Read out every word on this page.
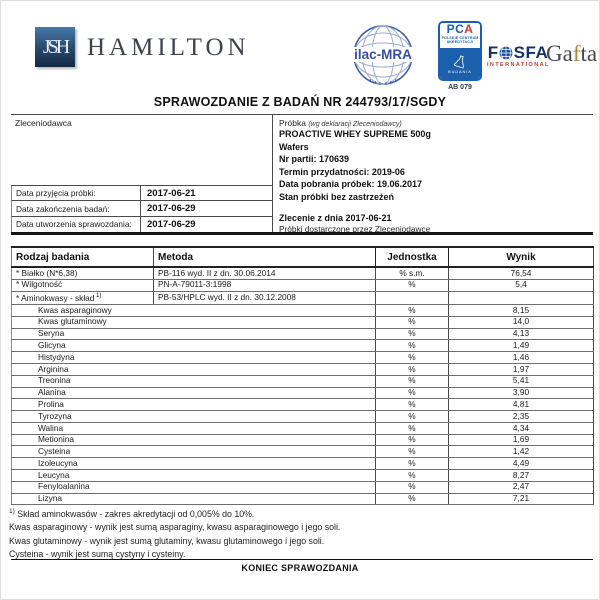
JSH HAMILTON	ilac-MRA
PCA
POLSKIE CENTRUM
AKREDYTACJI
BADANIA
AB 079
F SFA
INTERNATIONAL
Gafta
SPRAWOZDANIE Z BADAŃ NR 244793/17/SGDY
Zleceniodawca
Data przyjęcia próbki:	2017-06-21
Data zakończenia badań:	2017-06-29
Data utworzenia sprawozdania:	2017-06-29
Próbka (wg deklaracji Zleceniodawcy)
PROACTIVE WHEY SUPREME 500g
Wafers
Nr partii: 170639
Termin przydatności: 2019-06
Data pobrania próbek: 19.06.2017
Stan próbki bez zastrzeżeń
Zlecenie z dnia 2017-06-21
Próbki dostarczone przez Zleceniodawcę
Rodzaj badania	Metoda	Jednostka	Wynik
* Białko (N*6,38)	PB-116 wyd. II z dn. 30.06.2014	% s.m.	76,54
* Wilgotność	PN-A-79011-3:1998	%	5,4
* Aminokwasy - skład $^{1)}$	PB-53/HPLC wyd. II z dn. 30.12.2008		
Kwas asparaginowy		%	8,15
Kwas glutaminowy		%	14,0
Seryna		%	4,13
Glicyna		%	1,49
Histydyna		%	1,46
Arginina		%	1,97
Treonina		%	5,41
Alanina		%	3,90
Prolina		%	4,81
Tyrozyna		%	2,35
Walina		%	4,34
Metionina		%	1,69
Cysteina		%	1,42
Izoleucyna		%	4,49
Leucyna		%	8,27
Fenyloalanina		%	2,47
Lizyna		%	7,21
$^{1)}$ Skład aminokwasów - zakres akredytacji od 0,005% do 10%.
Kwas asparaginowy - wynik jest sumą asparaginy, kwasu asparaginowego i jego soli.
Kwas glutaminowy - wynik jest sumą glutaminy, kwasu glutaminowego i jego soli.
Cysteina - wynik jest sumą cystyny i cysteiny.
KONIEC SPRAWOZDANIA
